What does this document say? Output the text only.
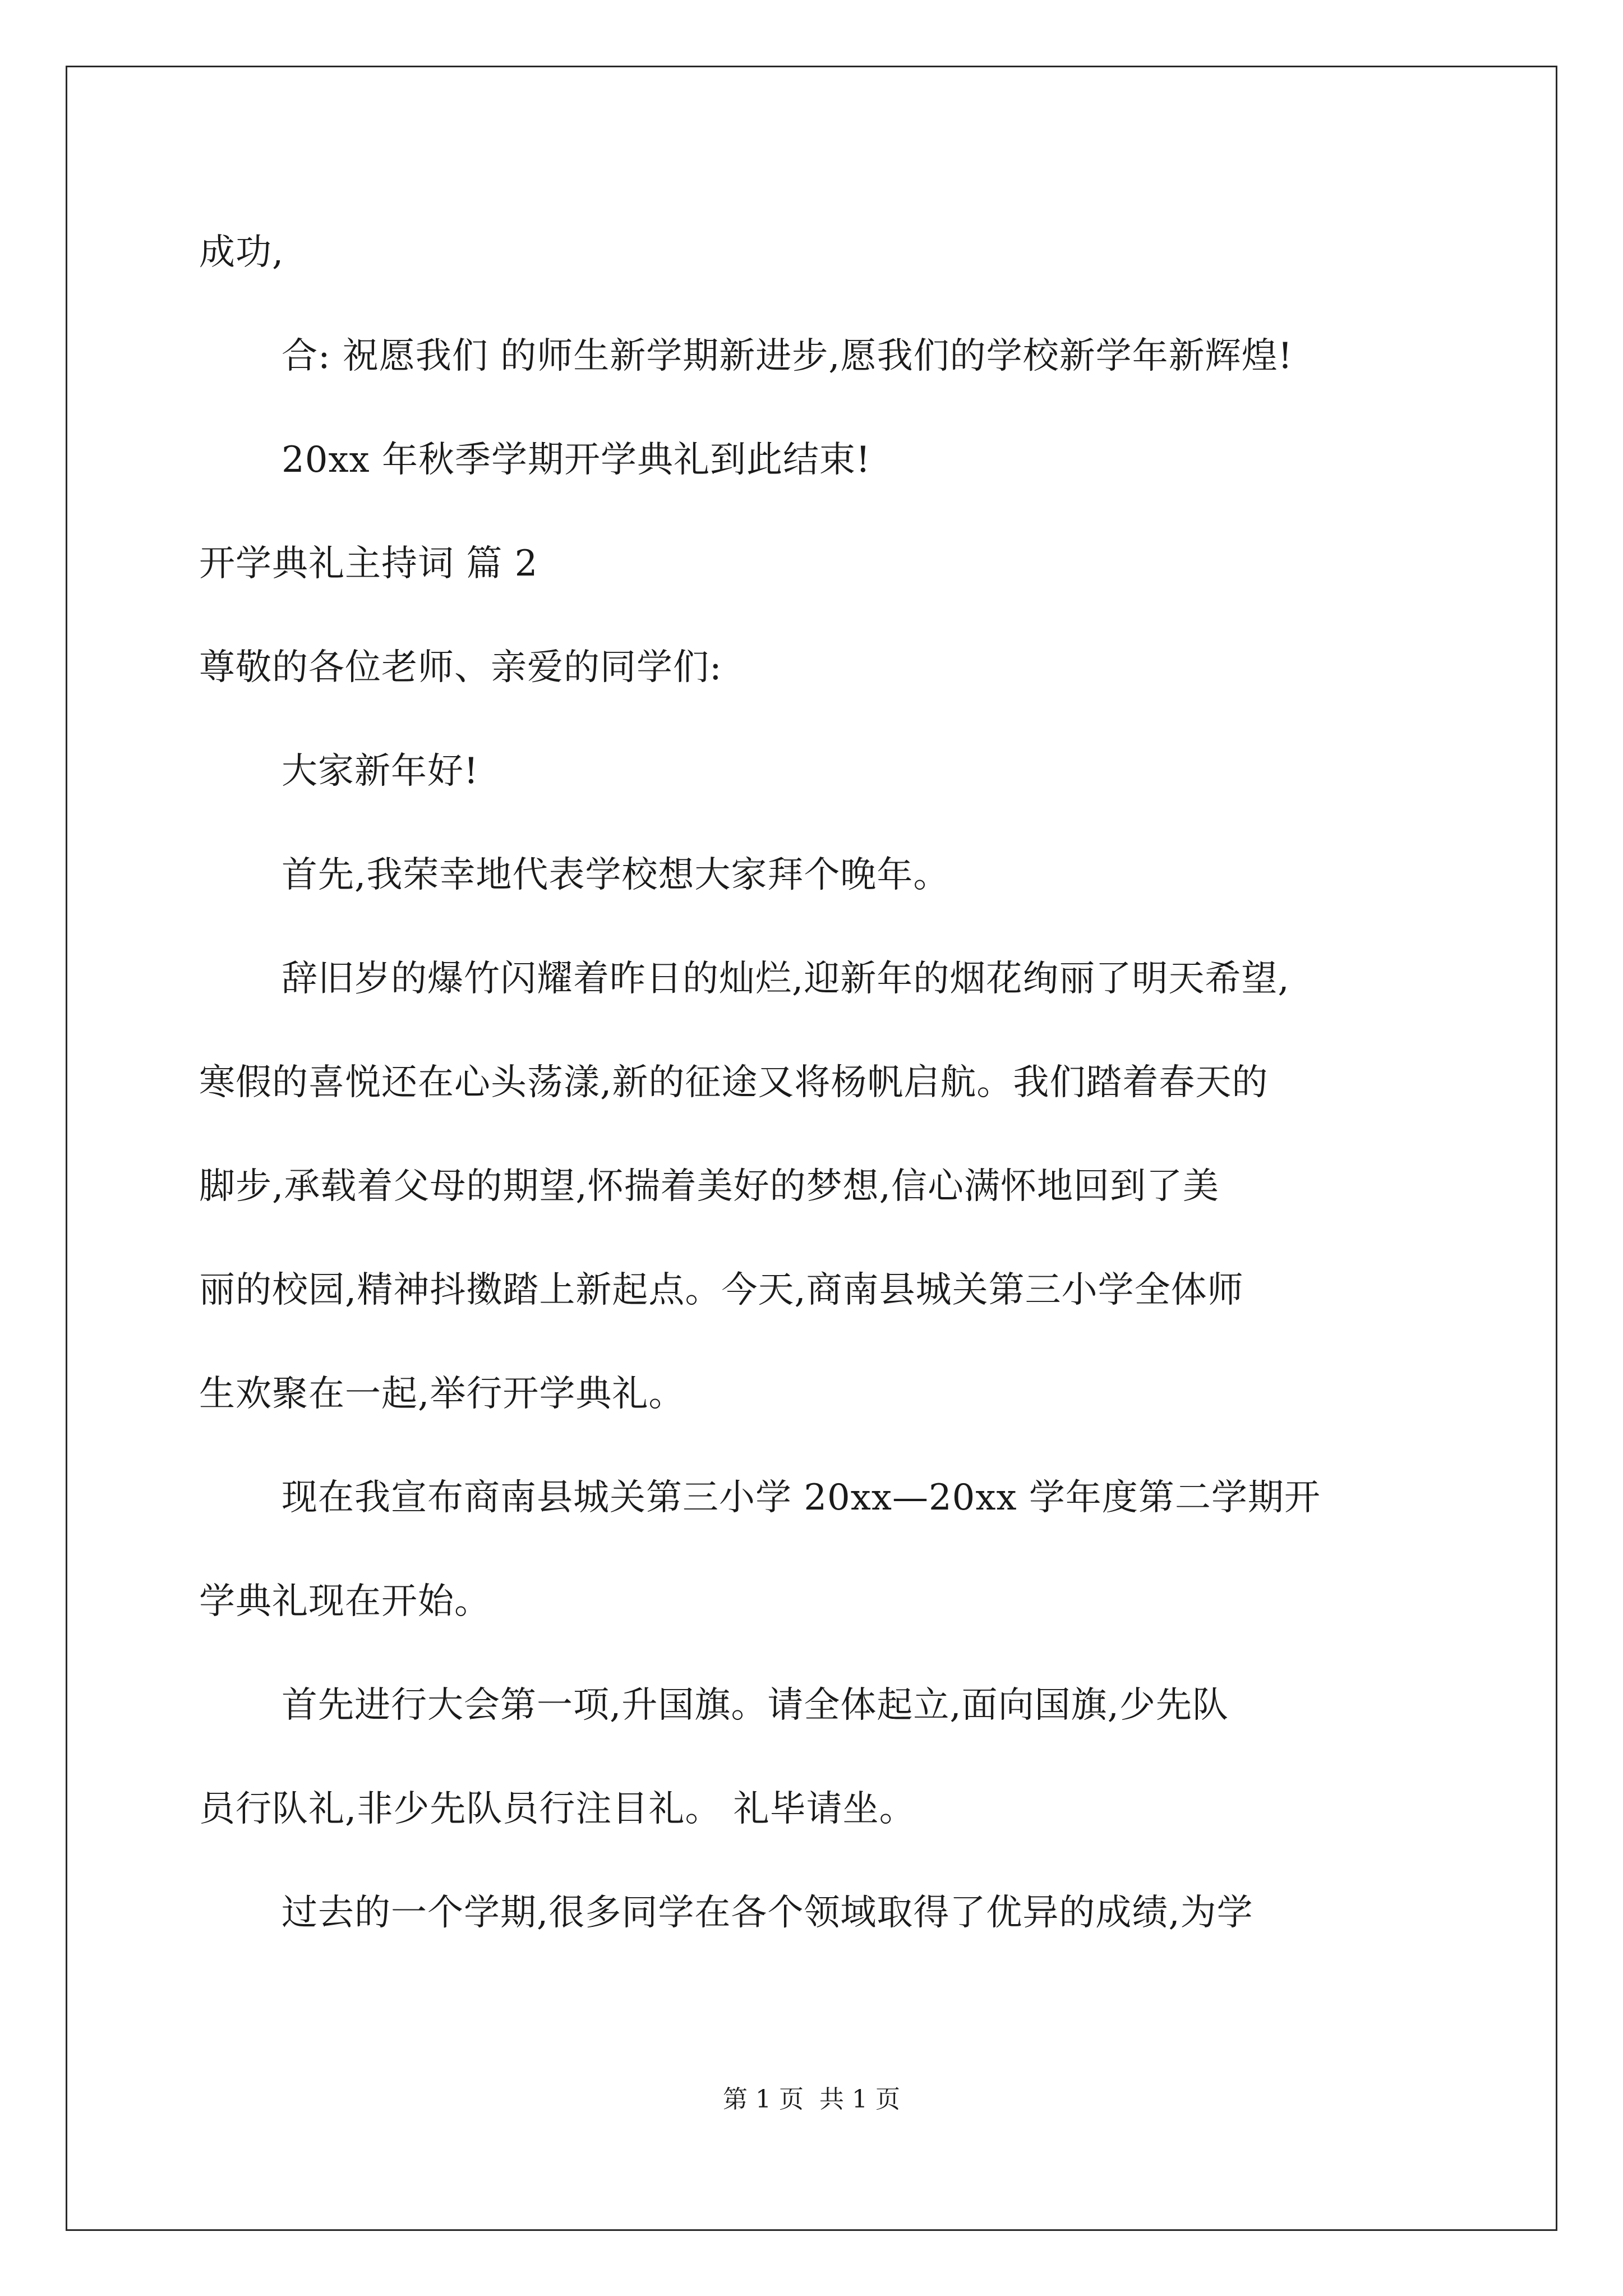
成功,

合: 祝愿我们 的师生新学期新进步,愿我们的学校新学年新辉煌!

20xx 年秋季学期开学典礼到此结束!

开学典礼主持词 篇 2

尊敬的各位老师、亲爱的同学们:

大家新年好!

首先,我荣幸地代表学校想大家拜个晚年。

辞旧岁的爆竹闪耀着昨日的灿烂,迎新年的烟花绚丽了明天希望,

寒假的喜悦还在心头荡漾,新的征途又将杨帆启航。我们踏着春天的

脚步,承载着父母的期望,怀揣着美好的梦想,信心满怀地回到了美

丽的校园,精神抖擞踏上新起点。今天,商南县城关第三小学全体师

生欢聚在一起,举行开学典礼。

现在我宣布商南县城关第三小学 20xx—20xx 学年度第二学期开

学典礼现在开始。

首先进行大会第一项,升国旗。请全体起立,面向国旗,少先队

员行队礼,非少先队员行注目礼。 礼毕请坐。

过去的一个学期,很多同学在各个领域取得了优异的成绩,为学

第 1 页  共 1 页
